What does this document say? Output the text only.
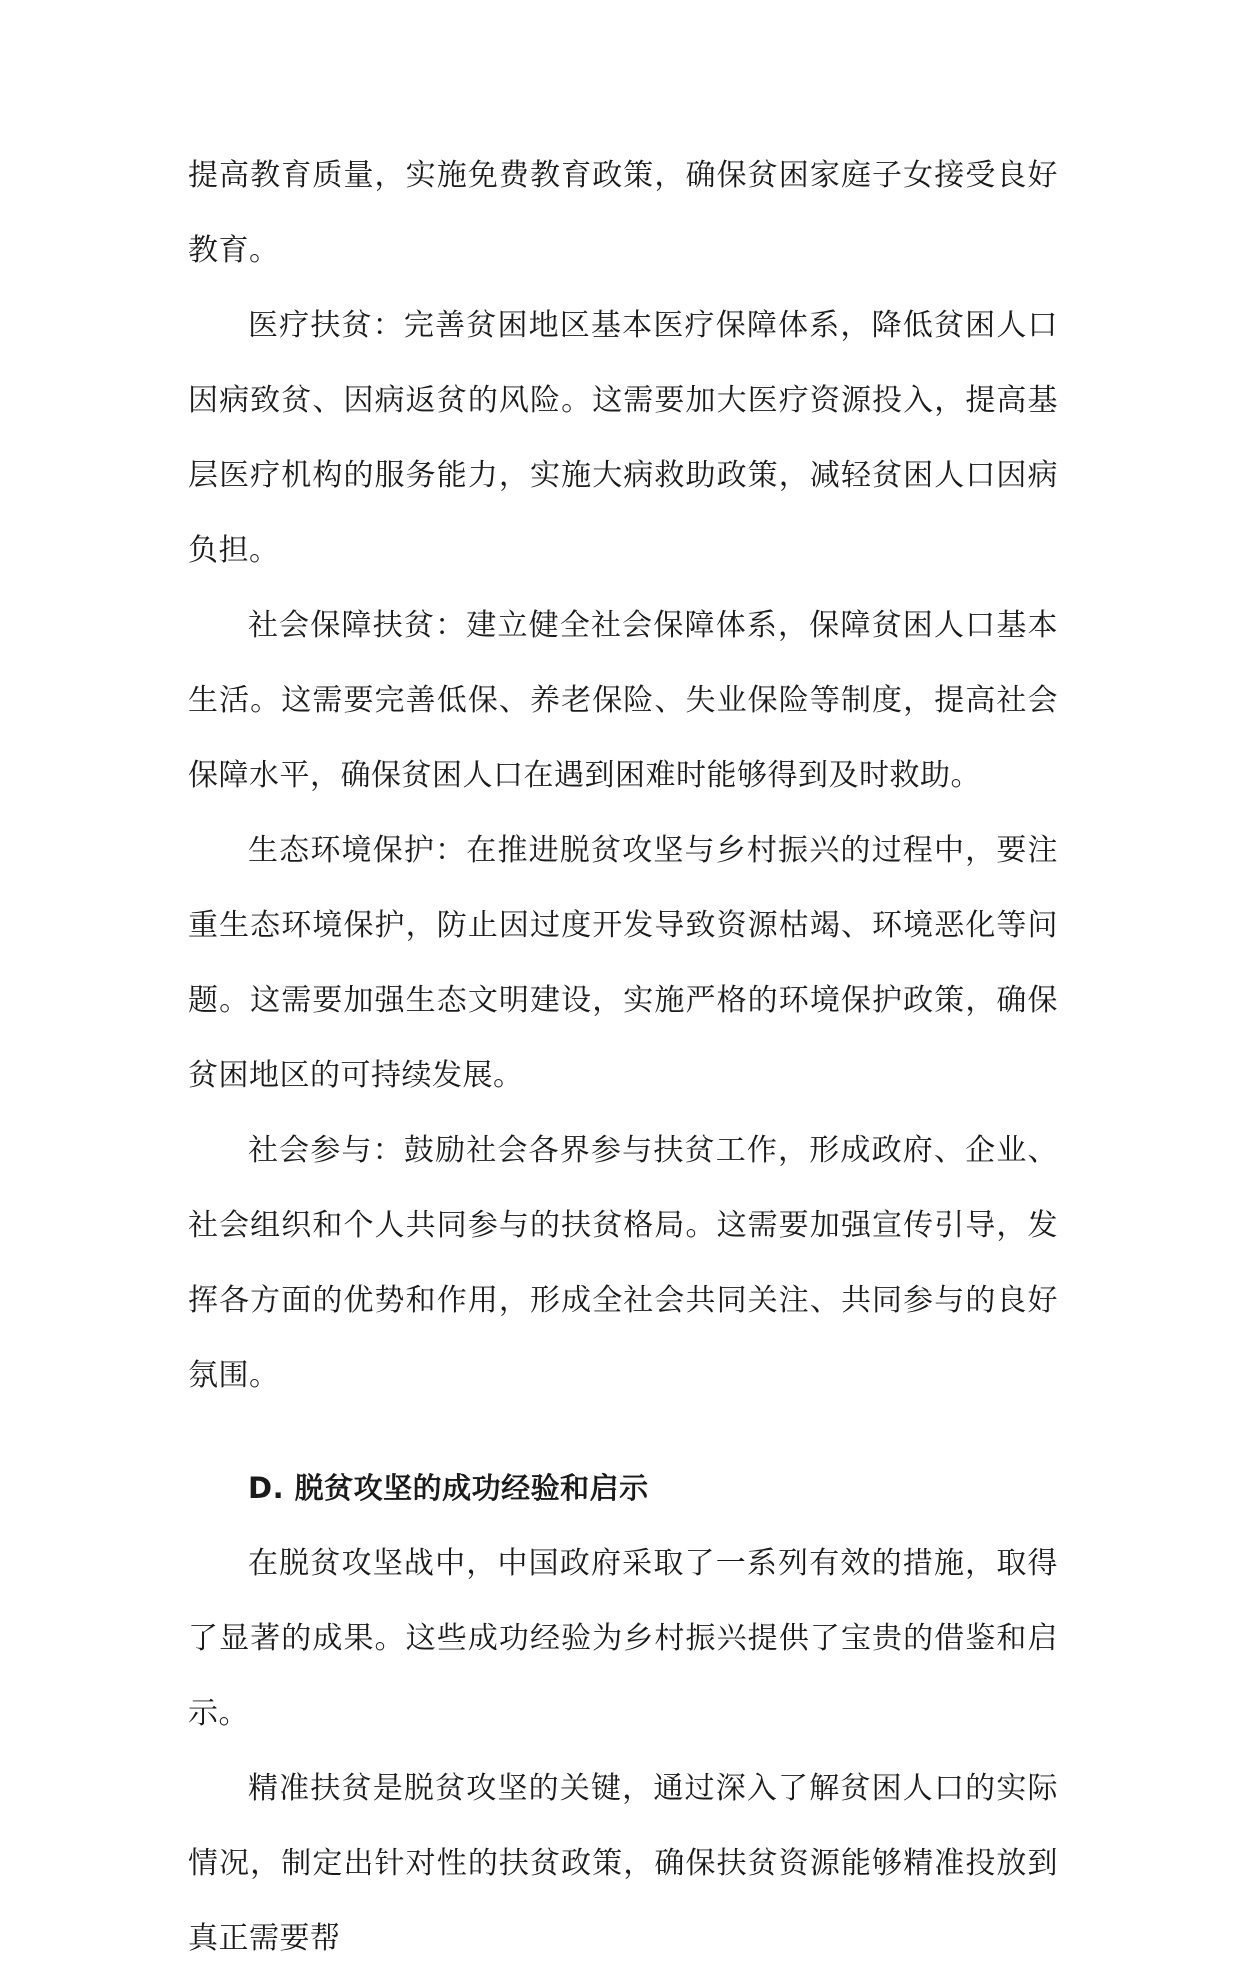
提高教育质量，实施免费教育政策，确保贫困家庭子女接受良好教育。

医疗扶贫：完善贫困地区基本医疗保障体系，降低贫困人口因病致贫、因病返贫的风险。这需要加大医疗资源投入，提高基层医疗机构的服务能力，实施大病救助政策，减轻贫困人口因病负担。

社会保障扶贫：建立健全社会保障体系，保障贫困人口基本生活。这需要完善低保、养老保险、失业保险等制度，提高社会保障水平，确保贫困人口在遇到困难时能够得到及时救助。

生态环境保护：在推进脱贫攻坚与乡村振兴的过程中，要注重生态环境保护，防止因过度开发导致资源枯竭、环境恶化等问题。这需要加强生态文明建设，实施严格的环境保护政策，确保贫困地区的可持续发展。

社会参与：鼓励社会各界参与扶贫工作，形成政府、企业、社会组织和个人共同参与的扶贫格局。这需要加强宣传引导，发挥各方面的优势和作用，形成全社会共同关注、共同参与的良好氛围。

D. 脱贫攻坚的成功经验和启示

在脱贫攻坚战中，中国政府采取了一系列有效的措施，取得了显著的成果。这些成功经验为乡村振兴提供了宝贵的借鉴和启示。

精准扶贫是脱贫攻坚的关键，通过深入了解贫困人口的实际情况，制定出针对性的扶贫政策，确保扶贫资源能够精准投放到真正需要帮
